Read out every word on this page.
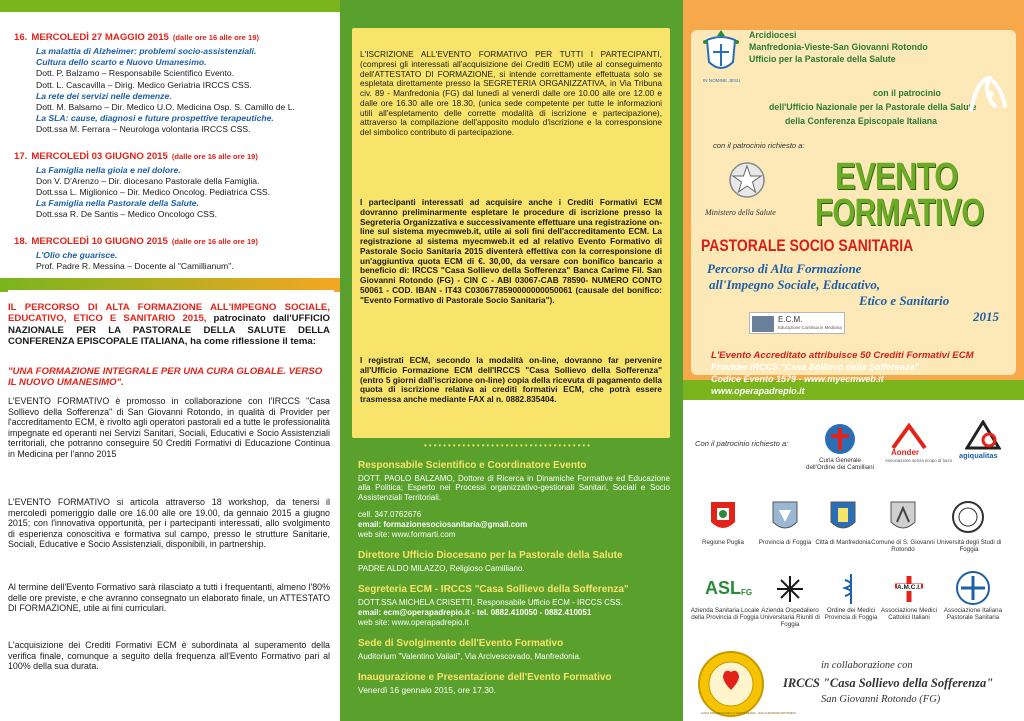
16. MERCOLEDÌ 27 MAGGIO 2015 (dalle ore 16 alle ore 19)
La malattia di Alzheimer: problemi socio-assistenziali.
Cultura dello scarto e Nuovo Umanesimo.
Dott. P. Balzamo – Responsabile Scientifico Evento.
Dott. L. Cascavilla – Dirig. Medico Geriatria IRCCS CSS.
La rete dei servizi nelle demenze.
Dott. M. Balsamo – Dir. Medico U.O. Medicina Osp. S. Camillo de L.
La SLA: cause, diagnosi e future prospettive terapeutiche.
Dott.ssa M. Ferrara – Neurologa volontaria IRCCS CSS.
17. MERCOLEDÌ 03 GIUGNO 2015 (dalle ore 16 alle ore 19)
La Famiglia nella gioia e nel dolore.
Don V. D'Arenzo – Dir. diocesano Pastorale della Famiglia.
Dott.ssa L. Miglionico – Dir. Medico Oncolog. Pediatrica CSS.
La Famiglia nella Pastorale della Salute.
Dott.ssa R. De Santis – Medico Oncologo CSS.
18. MERCOLEDÌ 10 GIUGNO 2015 (dalle ore 16 alle ore 19)
L'Olio che guarisce.
Prof. Padre R. Messina – Docente al "Camillianum".
IL PERCORSO DI ALTA FORMAZIONE ALL'IMPEGNO SOCIALE, EDUCATIVO, ETICO E SANITARIO 2015, patrocinato dall'UFFICIO NAZIONALE PER LA PASTORALE DELLA SALUTE DELLA CONFERENZA EPISCOPALE ITALIANA, ha come riflessione il tema:
"UNA FORMAZIONE INTEGRALE PER UNA CURA GLOBALE. VERSO IL NUOVO UMANESIMO".
L'EVENTO FORMATIVO è promosso in collaborazione con l'IRCCS "Casa Sollievo della Sofferenza" di San Giovanni Rotondo, in qualità di Provider per l'accreditamento ECM, è rivolto agli operatori pastorali ed a tutte le professionalità impegnate ed operanti nei Servizi Sanitari, Sociali, Educativi e Socio Assistenziali territoriali, che potranno conseguire 50 Crediti Formativi di Educazione Continua in Medicina per l'anno 2015
L'EVENTO FORMATIVO si articola attraverso 18 workshop, da tenersi il mercoledì pomeriggio dalle ore 16.00 alle ore 19.00, da gennaio 2015 a giugno 2015; con l'innovativa opportunità, per i partecipanti interessati, allo svolgimento di esperienza conoscitiva e formativa sul campo, presso le strutture Sanitarie, Sociali, Educative e Socio Assistenziali, disponibili, in partnership.
Al termine dell'Evento Formativo sarà rilasciato a tutti i frequentanti, almeno l'80% delle ore previste, e che avranno consegnato un elaborato finale, un ATTESTATO DI FORMAZIONE, utile ai fini curriculari.
L'acquisizione dei Crediti Formativi ECM è subordinata al superamento della verifica finale, comunque a seguito della frequenza all'Evento Formativo pari al 100% della sua durata.
L'ISCRIZIONE ALL'EVENTO FORMATIVO PER TUTTI I PARTECIPANTI, (compresi gli interessati all'acquisizione dei Crediti ECM) utile al conseguimento dell'ATTESTATO DI FORMAZIONE, si intende correttamente effettuata solo se espletata direttamente presso la SEGRETERIA ORGANIZZATIVA, in Via Tribuna civ. 89 - Manfredonia (FG) dal lunedì al venerdì dalle ore 10.00 alle ore 12.00 e dalle ore 16.30 alle ore 18.30, (unica sede competente per tutte le informazioni utili all'espletamento delle corrette modalità di iscrizione e partecipazione), attraverso la compilazione dell'apposito modulo d'iscrizione e la corresponsione del simbolico contributo di partecipazione.
I partecipanti interessati ad acquisire anche i Crediti Formativi ECM dovranno preliminarmente espletare le procedure di iscrizione presso la Segreteria Organizzativa e successivamente effettuare una registrazione on-line sul sistema myecmweb.it, utile ai soli fini dell'accreditamento ECM. La registrazione al sistema myecmweb.it ed al relativo Evento Formativo di Pastorale Socio Sanitaria 2015 diventerà effettiva con la corresponsione di un'aggiuntiva quota ECM di €. 30,00, da versare con bonifico bancario a beneficio di: IRCCS "Casa Sollievo della Sofferenza" Banca Carime Fil. San Giovanni Rotondo (FG) - CIN C - ABI 03067-CAB 78590- NUMERO CONTO 50061 - COD. IBAN - IT43 C0306778590000000050061 (causale del bonifico: "Evento Formativo di Pastorale Socio Sanitaria").
I registrati ECM, secondo la modalità on-line, dovranno far pervenire all'Ufficio Formazione ECM dell'IRCCS "Casa Sollievo della Sofferenza" (entro 5 giorni dall'iscrizione on-line) copia della ricevuta di pagamento della quota di iscrizione relativa ai crediti formativi ECM, che potrà essere trasmessa anche mediante FAX al n. 0882.835404.
•••••••••••••••••••••••••••••••••••
Responsabile Scientifico e Coordinatore Evento
DOTT. PAOLO BALZAMO, Dottore di Ricerca in Dinamiche Formative ed Educazione alla Politica; Esperto nei Processi organizzativo-gestionali Sanitari, Sociali e Socio Assistenziali Territoriali.
cell. 347.0762676
email: formazionesociosanitaria@gmail.com
web site: www.formarti.com
Direttore Ufficio Diocesano per la Pastorale della Salute
PADRE ALDO MILAZZO, Religioso Camilliano.
Segreteria ECM - IRCCS "Casa Sollievo della Sofferenza"
DOTT.SSA MICHELA CRISETTI, Responsabile Ufficio ECM - IRCCS CSS.
email: ecm@operapadrepio.it - tel. 0882.410050 - 0882.410051
web site: www.operapadrepio.it
Sede di Svolgimento dell'Evento Formativo
Auditorium "Valentino Vailati", Via Arcivescovado, Manfredonia.
Inaugurazione e Presentazione dell'Evento Formativo
Venerdì 16 gennaio 2015, ore 17.30.
IN NOMINE JESU
Arcidiocesi
Manfredonia-Vieste-San Giovanni Rotondo
Ufficio per la Pastorale della Salute
con il patrocinio
dell'Ufficio Nazionale per la Pastorale della Salute
della Conferenza Episcopale Italiana
con il patrocinio richiesto a:
Ministero della Salute
EVENTO
FORMATIVO
PASTORALE SOCIO SANITARIA
Percorso di Alta Formazione
all'Impegno Sociale, Educativo,
Etico e Sanitario
2015
E.C.M.
Educazione Continua in Medicina
L'Evento Accreditato attribuisce 50 Crediti Formativi ECM
Provider IRCCS "Casa Sollievo della Sofferenza"
Codice Evento 1579 - www.myecmweb.it
www.operapadrepio.it
Con il patrocinio richiesto a:
Curia Generale dell'Ordine dei Camilliani
Aonder
Associazione senza scopo di lucro
agiqualitas
Regione Puglia	Provincia di Foggia Città di Manfredonia Comune di S. Giovanni Rotondo
Università degli Studi di Foggia
ASL FG
Azienda Sanitaria Locale della Provincia di Foggia
Azienda Ospedaliero Universitaria Riuniti di Foggia
Ordine dei Medici Provincia di Foggia
A.M.C.I.
Associazione Medici Cattolici Italiani
Associazione Italiana Pastorale Sanitaria
CASA SOLLIEVO DELLA SOFFERENZA · SAN GIOVANNI ROTONDO
in collaborazione con
IRCCS "Casa Sollievo della Sofferenza"
San Giovanni Rotondo (FG)
